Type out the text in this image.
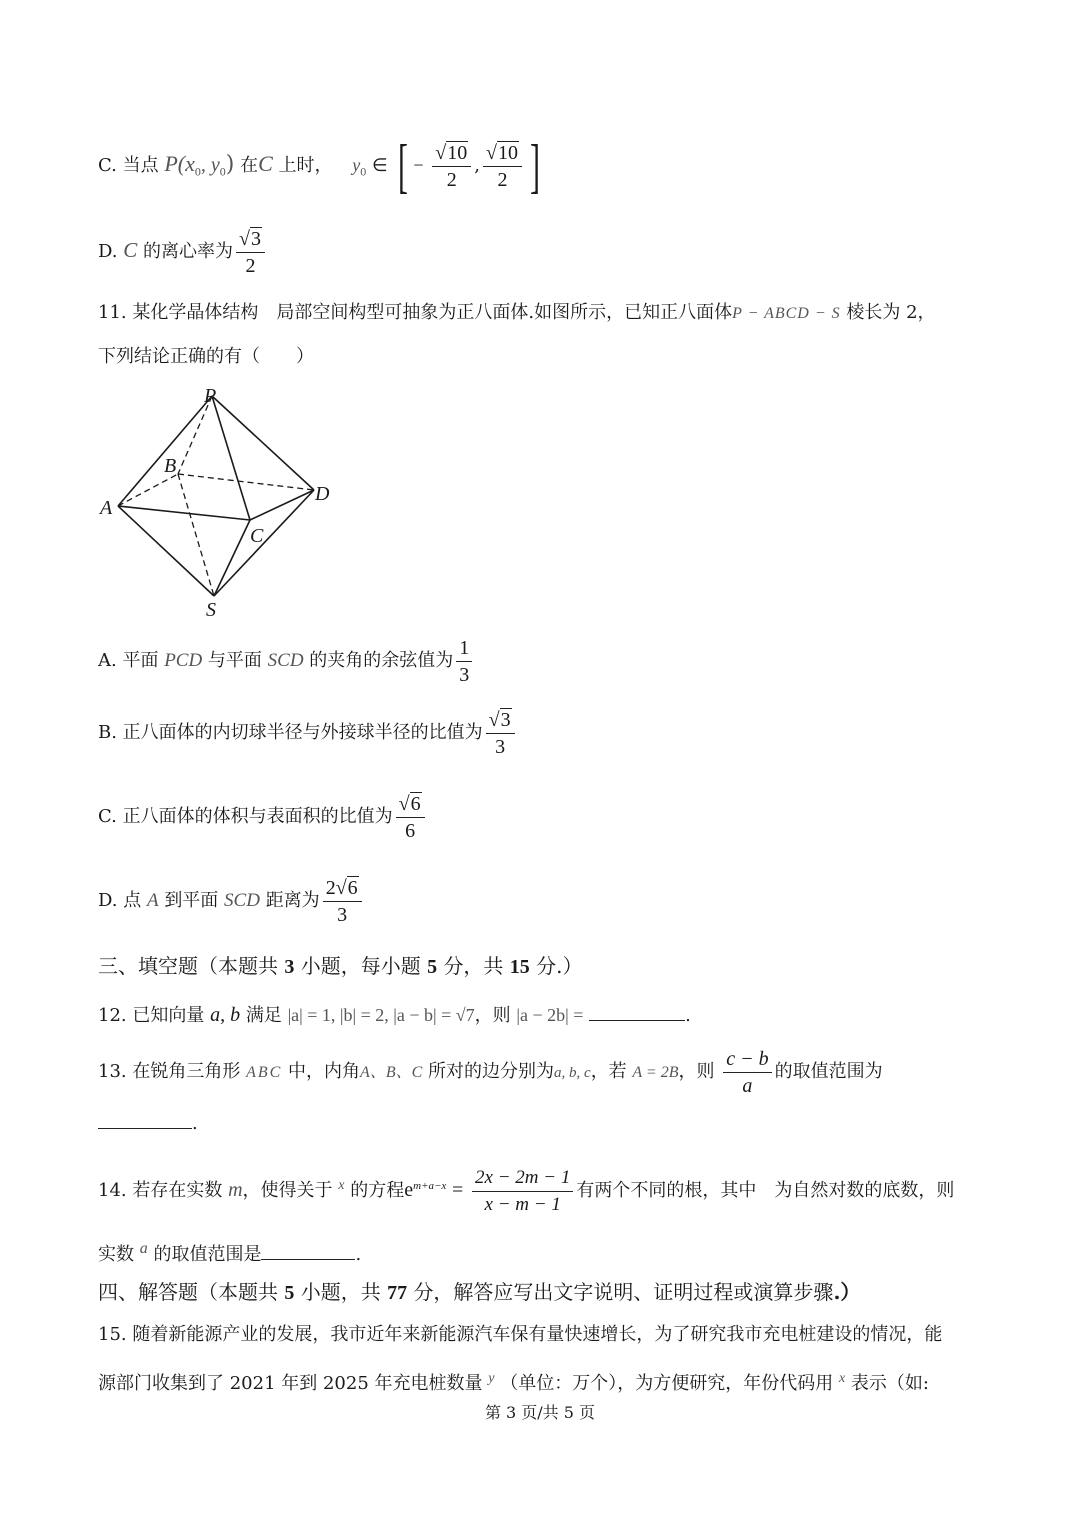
C. 当点 $P(x_0$, $y_0$) 在C 上时， $y_0$ ∈ [ − $\frac{√10}{2}$ , $\frac{√10}{2}$ ]
D. C 的离心率为 $\frac{√3}{2}$
11. 某化学晶体结构　局部空间构型可抽象为正八面体.如图所示，已知正八面体P − ABCD − S 棱长为 2，
下列结论正确的有（　　）
P
B
D
A
C
S
A. 平面 PCD 与平面 SCD 的夹角的余弦值为 $\frac{1}{3}$
B. 正八面体的内切球半径与外接球半径的比值为 $\frac{√3}{3}$
C. 正八面体的体积与表面积的比值为 $\frac{√6}{6}$
D. 点 A 到平面 SCD 距离为 $\frac{2√6}{3}$
三、填空题（本题共 3 小题，每小题 5 分，共 15 分.）
12. 已知向量 a, b 满足 |a| = 1, |b| = 2, |a − b| = √7，则 |a − 2b| =	.
13. 在锐角三角形 ABC 中，内角A、B、C 所对的边分别为a, b, c，若 A = 2B，则 $\frac{c - b}{a}$ 的取值范围为
.
14. 若存在实数 m，使得关于 $^x$ 的方程$e^{m+a-x} = \frac{2x - 2m - 1}{x - m - 1}$ 有两个不同的根，其中　为自然对数的底数，则
实数 a 的取值范围是	.
四、解答题（本题共 5 小题，共 77 分，解答应写出文字说明、证明过程或演算步骤.）
15. 随着新能源产业的发展，我市近年来新能源汽车保有量快速增长，为了研究我市充电桩建设的情况，能
源部门收集到了 2021 年到 2025 年充电桩数量 $^y$ （单位：万个），为方便研究，年份代码用 $^x$ 表示（如:
第 3 页/共 5 页
